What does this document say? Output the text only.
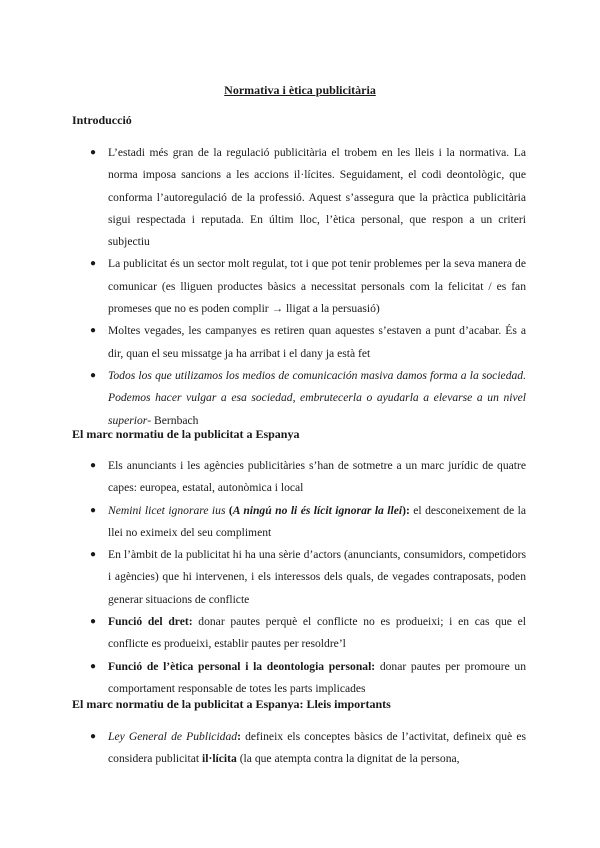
Normativa i ètica publicitària
Introducció
● L’estadi més gran de la regulació publicitària el trobem en les lleis i la normativa. La norma imposa sancions a les accions il·lícites. Seguidament, el codi deontològic, que conforma l’autoregulació de la professió. Aquest s’assegura que la pràctica publicitària sigui respectada i reputada. En últim lloc, l’ètica personal, que respon a un criteri subjectiu
● La publicitat és un sector molt regulat, tot i que pot tenir problemes per la seva manera de comunicar (es lliguen productes bàsics a necessitat personals com la felicitat / es fan promeses que no es poden complir → lligat a la persuasió)
● Moltes vegades, les campanyes es retiren quan aquestes s’estaven a punt d’acabar. És a dir, quan el seu missatge ja ha arribat i el dany ja està fet
● Todos los que utilizamos los medios de comunicación masiva damos forma a la sociedad. Podemos hacer vulgar a esa sociedad, embrutecerla o ayudarla a elevarse a un nivel superior- Bernbach
El marc normatiu de la publicitat a Espanya
● Els anunciants i les agències publicitàries s’han de sotmetre a un marc jurídic de quatre capes: europea, estatal, autonòmica i local
● Nemini licet ignorare ius (A ningú no li és lícit ignorar la llei): el desconeixement de la llei no eximeix del seu compliment
● En l’àmbit de la publicitat hi ha una sèrie d’actors (anunciants, consumidors, competidors i agències) que hi intervenen, i els interessos dels quals, de vegades contraposats, poden generar situacions de conflicte
● Funció del dret: donar pautes perquè el conflicte no es produeixi; i en cas que el conflicte es produeixi, establir pautes per resoldre’l
● Funció de l’ètica personal i la deontologia personal: donar pautes per promoure un comportament responsable de totes les parts implicades
El marc normatiu de la publicitat a Espanya: Lleis importants
● Ley General de Publicidad: defineix els conceptes bàsics de l’activitat, defineix què es considera publicitat il·lícita (la que atempta contra la dignitat de la persona,
